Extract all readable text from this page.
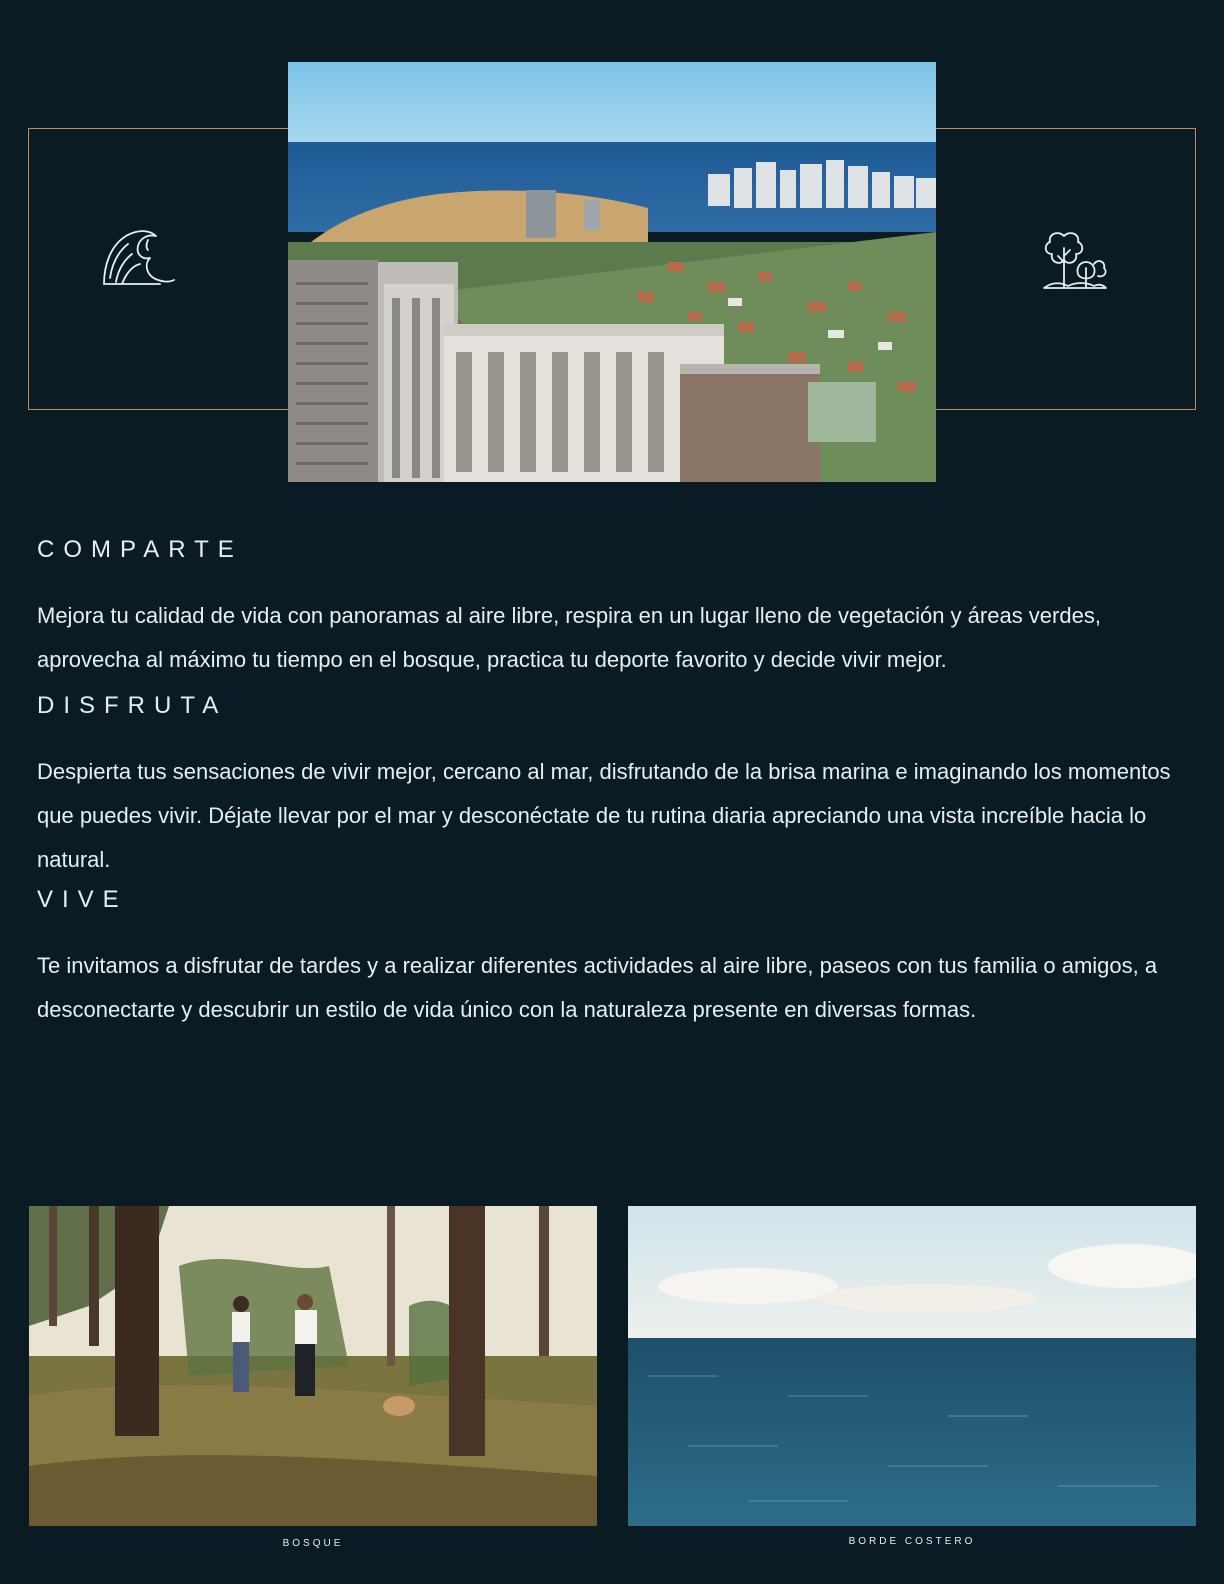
COMPARTE

Mejora tu calidad de vida con panoramas al aire libre, respira en un lugar lleno de vegetación y áreas verdes, aprovecha al máximo tu tiempo en el bosque, practica tu deporte favorito y decide vivir mejor.

DISFRUTA

Despierta tus sensaciones de vivir mejor, cercano al mar, disfrutando de la brisa marina e imaginando los momentos que puedes vivir. Déjate llevar por el mar y desconéctate de tu rutina diaria apreciando una vista increíble hacia lo natural.

VIVE

Te invitamos a disfrutar de tardes y a realizar diferentes actividades al aire libre, paseos con tus familia o amigos, a desconectarte y descubrir un estilo de vida único con la naturaleza presente en diversas formas.

BOSQUE	BORDE COSTERO
